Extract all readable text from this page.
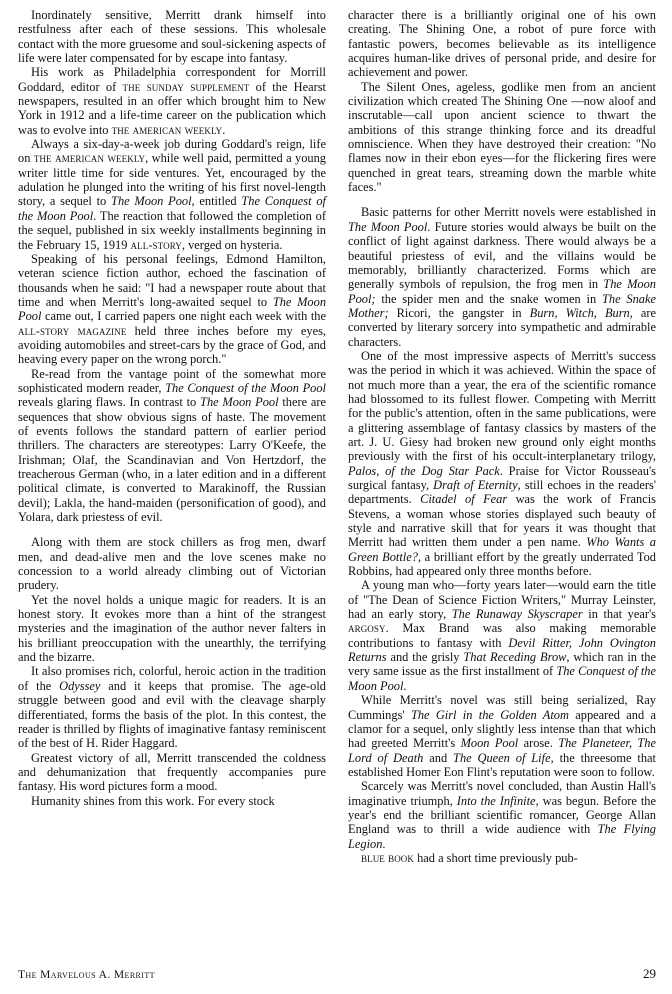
Inordinately sensitive, Merritt drank himself into restfulness after each of these sessions. This wholesale contact with the more gruesome and soul-sickening aspects of life were later compensated for by escape into fantasy.

His work as Philadelphia correspondent for Morrill Goddard, editor of the sunday supplement of the Hearst newspapers, resulted in an offer which brought him to New York in 1912 and a life-time career on the publication which was to evolve into the american weekly.

Always a six-day-a-week job during Goddard's reign, life on the american weekly, while well paid, permitted a young writer little time for side ventures. Yet, encouraged by the adulation he plunged into the writing of his first novel-length story, a sequel to The Moon Pool, entitled The Conquest of the Moon Pool. The reaction that followed the completion of the sequel, published in six weekly installments beginning in the February 15, 1919 all-story, verged on hysteria.

Speaking of his personal feelings, Edmond Hamilton, veteran science fiction author, echoed the fascination of thousands when he said: "I had a newspaper route about that time and when Merritt's long-awaited sequel to The Moon Pool came out, I carried papers one night each week with the all-story magazine held three inches before my eyes, avoiding automobiles and street-cars by the grace of God, and heaving every paper on the wrong porch."

Re-read from the vantage point of the somewhat more sophisticated modern reader, The Conquest of the Moon Pool reveals glaring flaws. In contrast to The Moon Pool there are sequences that show obvious signs of haste. The movement of events follows the standard pattern of earlier period thrillers. The characters are stereotypes: Larry O'Keefe, the Irishman; Olaf, the Scandinavian and Von Hertzdorf, the treacherous German (who, in a later edition and in a different political climate, is converted to Marakinoff, the Russian devil); Lakla, the hand-maiden (personification of good), and Yolara, dark priestess of evil.

Along with them are stock chillers as frog men, dwarf men, and dead-alive men and the love scenes make no concession to a world already climbing out of Victorian prudery.

Yet the novel holds a unique magic for readers. It is an honest story. It evokes more than a hint of the strangest mysteries and the imagination of the author never falters in his brilliant preoccupation with the unearthly, the terrifying and the bizarre.

It also promises rich, colorful, heroic action in the tradition of the Odyssey and it keeps that promise. The age-old struggle between good and evil with the cleavage sharply differentiated, forms the basis of the plot. In this contest, the reader is thrilled by flights of imaginative fantasy reminiscent of the best of H. Rider Haggard.

Greatest victory of all, Merritt transcended the coldness and dehumanization that frequently accompanies pure fantasy. His word pictures form a mood.

Humanity shines from this work. For every stock

character there is a brilliantly original one of his own creating. The Shining One, a robot of pure force with fantastic powers, becomes believable as its intelligence acquires human-like drives of personal pride, and desire for achievement and power.

The Silent Ones, ageless, godlike men from an ancient civilization which created The Shining One —now aloof and inscrutable—call upon ancient science to thwart the ambitions of this strange thinking force and its dreadful omniscience. When they have destroyed their creation: "No flames now in their ebon eyes—for the flickering fires were quenched in great tears, streaming down the marble white faces."

Basic patterns for other Merritt novels were established in The Moon Pool. Future stories would always be built on the conflict of light against darkness. There would always be a beautiful priestess of evil, and the villains would be memorably, brilliantly characterized. Forms which are generally symbols of repulsion, the frog men in The Moon Pool; the spider men and the snake women in The Snake Mother; Ricori, the gangster in Burn, Witch, Burn, are converted by literary sorcery into sympathetic and admirable characters.

One of the most impressive aspects of Merritt's success was the period in which it was achieved. Within the space of not much more than a year, the era of the scientific romance had blossomed to its fullest flower. Competing with Merritt for the public's attention, often in the same publications, were a glittering assemblage of fantasy classics by masters of the art. J. U. Giesy had broken new ground only eight months previously with the first of his occult-interplanetary trilogy, Palos, of the Dog Star Pack. Praise for Victor Rousseau's surgical fantasy, Draft of Eternity, still echoes in the readers' departments. Citadel of Fear was the work of Francis Stevens, a woman whose stories displayed such beauty of style and narrative skill that for years it was thought that Merritt had written them under a pen name. Who Wants a Green Bottle?, a brilliant effort by the greatly underrated Tod Robbins, had appeared only three months before.

A young man who—forty years later—would earn the title of "The Dean of Science Fiction Writers," Murray Leinster, had an early story, The Runaway Skyscraper in that year's argosy. Max Brand was also making memorable contributions to fantasy with Devil Ritter, John Ovington Returns and the grisly That Receding Brow, which ran in the very same issue as the first installment of The Conquest of the Moon Pool.

While Merritt's novel was still being serialized, Ray Cummings' The Girl in the Golden Atom appeared and a clamor for a sequel, only slightly less intense than that which had greeted Merritt's Moon Pool arose. The Planeteer, The Lord of Death and The Queen of Life, the threesome that established Homer Eon Flint's reputation were soon to follow.

Scarcely was Merritt's novel concluded, than Austin Hall's imaginative triumph, Into the Infinite, was begun. Before the year's end the brilliant scientific romancer, George Allan England was to thrill a wide audience with The Flying Legion.

blue book had a short time previously pub-

The Marvelous A. Merritt	29
